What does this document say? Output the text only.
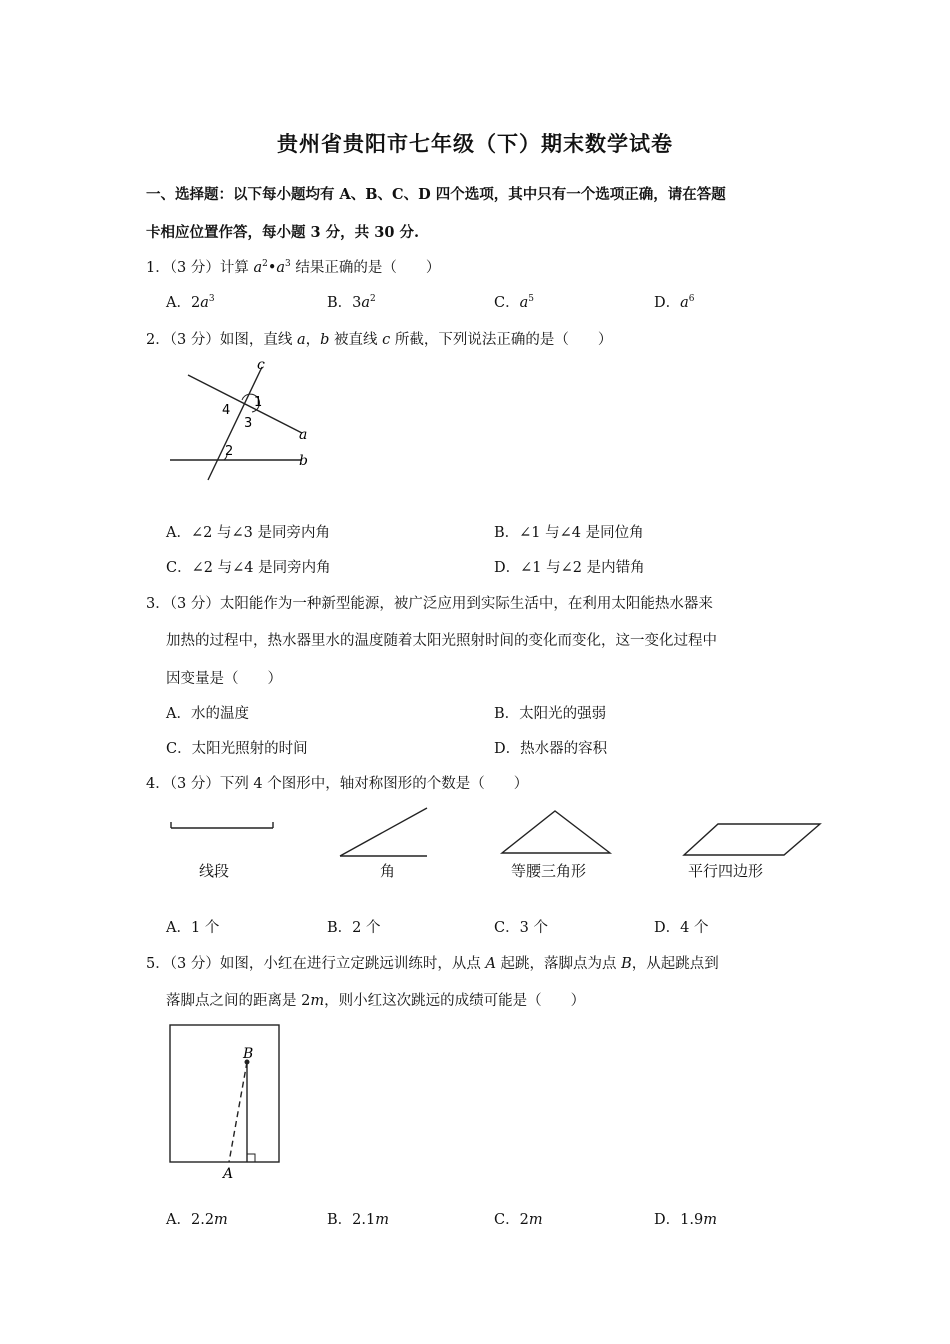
贵州省贵阳市七年级（下）期末数学试卷
一、选择题：以下每小题均有 A、B、C、D 四个选项，其中只有一个选项正确，请在答题
卡相应位置作答，每小题 3 分，共 30 分.
1．（3 分）计算 $a^2•a^3$ 结果正确的是（　　）
A．$2a^3$	B．$3a^2$	C．$a^5$	D．$a^6$
2．（3 分）如图，直线 a，b 被直线 c 所截，下列说法正确的是（　　）
c
a
b
1
4
3
2
A．∠2 与∠3 是同旁内角	B．∠1 与∠4 是同位角
C．∠2 与∠4 是同旁内角	D．∠1 与∠2 是内错角
3．（3 分）太阳能作为一种新型能源，被广泛应用到实际生活中，在利用太阳能热水器来
加热的过程中，热水器里水的温度随着太阳光照射时间的变化而变化，这一变化过程中
因变量是（　　）
A．水的温度	B．太阳光的强弱
C．太阳光照射的时间	D．热水器的容积
4．（3 分）下列 4 个图形中，轴对称图形的个数是（　　）
线段	角	等腰三角形	平行四边形
A．1 个	B．2 个	C．3 个	D．4 个
5．（3 分）如图，小红在进行立定跳远训练时，从点 A 起跳，落脚点为点 B，从起跳点到
落脚点之间的距离是 2m，则小红这次跳远的成绩可能是（　　）
B
A
A．2.2m	B．2.1m	C．2m	D．1.9m
